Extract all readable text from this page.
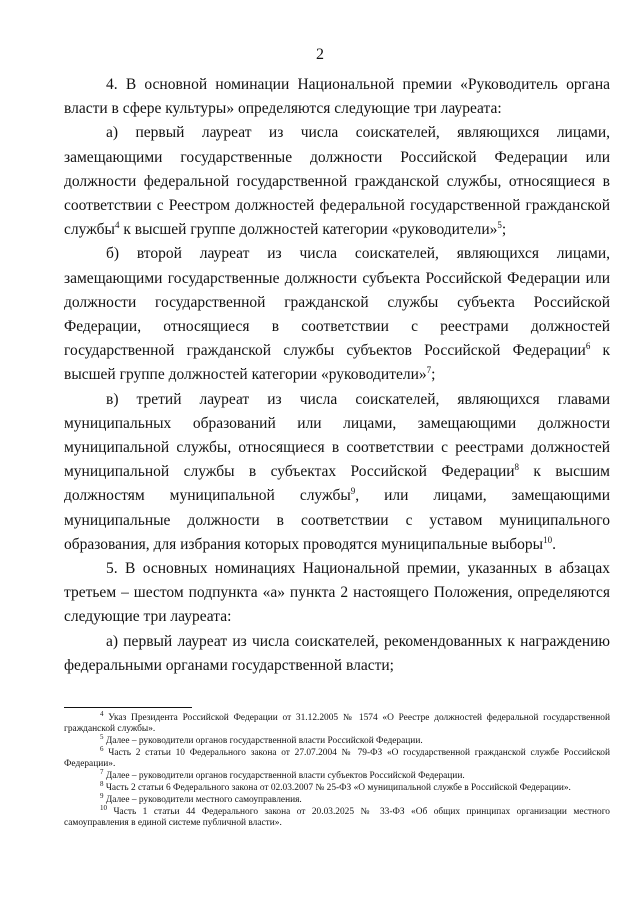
2

4. В основной номинации Национальной премии «Руководитель органа власти в сфере культуры» определяются следующие три лауреата:

а) первый лауреат из числа соискателей, являющихся лицами, замещающими государственные должности Российской Федерации или должности федеральной государственной гражданской службы, относящиеся в соответствии с Реестром должностей федеральной государственной гражданской службы$^4$ к высшей группе должностей категории «руководители»$^5$;

б) второй лауреат из числа соискателей, являющихся лицами, замещающими государственные должности субъекта Российской Федерации или должности государственной гражданской службы субъекта Российской Федерации, относящиеся в соответствии с реестрами должностей государственной гражданской службы субъектов Российской Федерации$^6$ к высшей группе должностей категории «руководители»$^7$;

в) третий лауреат из числа соискателей, являющихся главами муниципальных образований или лицами, замещающими должности муниципальной службы, относящиеся в соответствии с реестрами должностей муниципальной службы в субъектах Российской Федерации$^8$ к высшим должностям муниципальной службы$^9$, или лицами, замещающими муниципальные должности в соответствии с уставом муниципального образования, для избрания которых проводятся муниципальные выборы$^{10}$.

5. В основных номинациях Национальной премии, указанных в абзацах третьем – шестом подпункта «а» пункта 2 настоящего Положения, определяются следующие три лауреата:

а) первый лауреат из числа соискателей, рекомендованных к награждению федеральными органами государственной власти;

$^4$ Указ Президента Российской Федерации от 31.12.2005 № 1574 «О Реестре должностей федеральной государственной гражданской службы».

$^5$ Далее – руководители органов государственной власти Российской Федерации.

$^6$ Часть 2 статьи 10 Федерального закона от 27.07.2004 № 79-ФЗ «О государственной гражданской службе Российской Федерации».

$^7$ Далее – руководители органов государственной власти субъектов Российской Федерации.

$^8$ Часть 2 статьи 6 Федерального закона от 02.03.2007 № 25-ФЗ «О муниципальной службе в Российской Федерации».

$^9$ Далее – руководители местного самоуправления.

$^{10}$ Часть 1 статьи 44 Федерального закона от 20.03.2025 № 33-ФЗ «Об общих принципах организации местного самоуправления в единой системе публичной власти».
